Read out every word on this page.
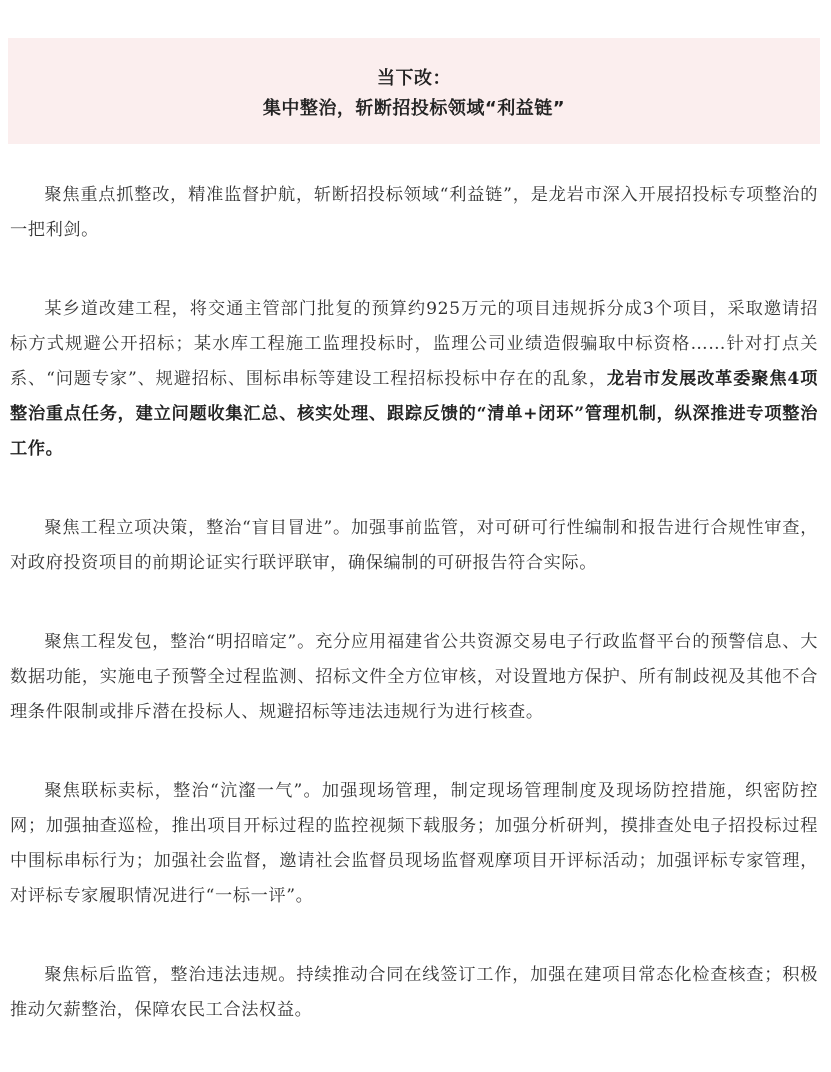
当下改：
集中整治，斩断招投标领域“利益链”

聚焦重点抓整改，精准监督护航，斩断招投标领域“利益链”，是龙岩市深入开展招投标专项整治的一把利剑。

某乡道改建工程，将交通主管部门批复的预算约925万元的项目违规拆分成3个项目，采取邀请招标方式规避公开招标；某水库工程施工监理投标时，监理公司业绩造假骗取中标资格……针对打点关系、“问题专家”、规避招标、围标串标等建设工程招标投标中存在的乱象，龙岩市发展改革委聚焦4项整治重点任务，建立问题收集汇总、核实处理、跟踪反馈的“清单+闭环”管理机制，纵深推进专项整治工作。

聚焦工程立项决策，整治“盲目冒进”。加强事前监管，对可研可行性编制和报告进行合规性审查，对政府投资项目的前期论证实行联评联审，确保编制的可研报告符合实际。

聚焦工程发包，整治“明招暗定”。充分应用福建省公共资源交易电子行政监督平台的预警信息、大数据功能，实施电子预警全过程监测、招标文件全方位审核，对设置地方保护、所有制歧视及其他不合理条件限制或排斥潜在投标人、规避招标等违法违规行为进行核查。

聚焦联标卖标，整治“沆瀣一气”。加强现场管理，制定现场管理制度及现场防控措施，织密防控网；加强抽查巡检，推出项目开标过程的监控视频下载服务；加强分析研判，摸排查处电子招投标过程中围标串标行为；加强社会监督，邀请社会监督员现场监督观摩项目开评标活动；加强评标专家管理，对评标专家履职情况进行“一标一评”。

聚焦标后监管，整治违法违规。持续推动合同在线签订工作，加强在建项目常态化检查核查；积极推动欠薪整治，保障农民工合法权益。
